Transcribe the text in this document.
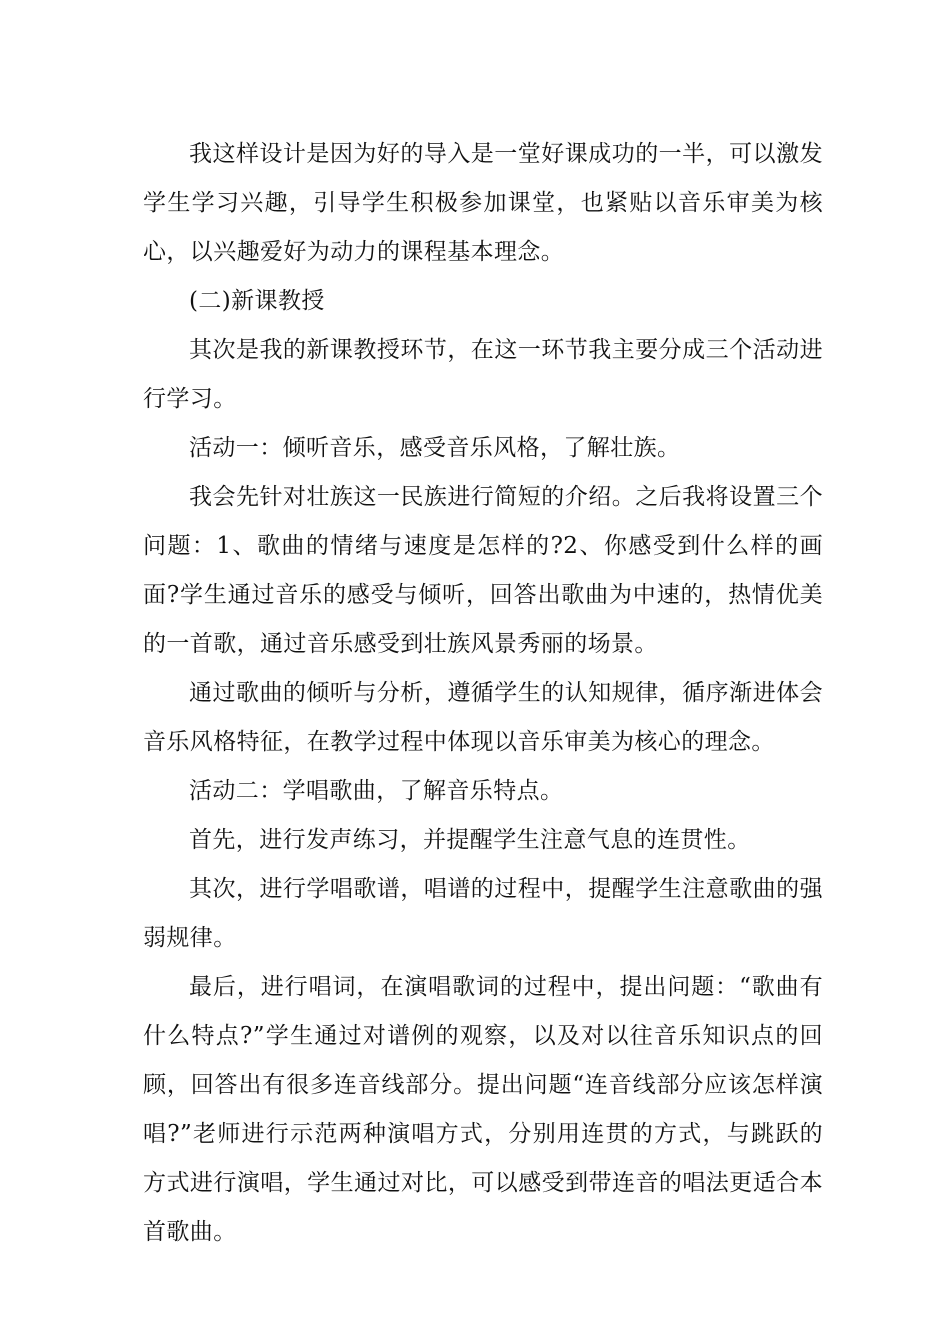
我这样设计是因为好的导入是一堂好课成功的一半，可以激发学生学习兴趣，引导学生积极参加课堂，也紧贴以音乐审美为核心，以兴趣爱好为动力的课程基本理念。

(二)新课教授

其次是我的新课教授环节，在这一环节我主要分成三个活动进行学习。

活动一：倾听音乐，感受音乐风格，了解壮族。

我会先针对壮族这一民族进行简短的介绍。之后我将设置三个问题：1、歌曲的情绪与速度是怎样的?2、你感受到什么样的画面?学生通过音乐的感受与倾听，回答出歌曲为中速的，热情优美的一首歌，通过音乐感受到壮族风景秀丽的场景。

通过歌曲的倾听与分析，遵循学生的认知规律，循序渐进体会音乐风格特征，在教学过程中体现以音乐审美为核心的理念。

活动二：学唱歌曲，了解音乐特点。

首先，进行发声练习，并提醒学生注意气息的连贯性。

其次，进行学唱歌谱，唱谱的过程中，提醒学生注意歌曲的强弱规律。

最后，进行唱词，在演唱歌词的过程中，提出问题：“歌曲有什么特点?”学生通过对谱例的观察，以及对以往音乐知识点的回顾，回答出有很多连音线部分。提出问题“连音线部分应该怎样演唱?”老师进行示范两种演唱方式，分别用连贯的方式，与跳跃的方式进行演唱，学生通过对比，可以感受到带连音的唱法更适合本首歌曲。
